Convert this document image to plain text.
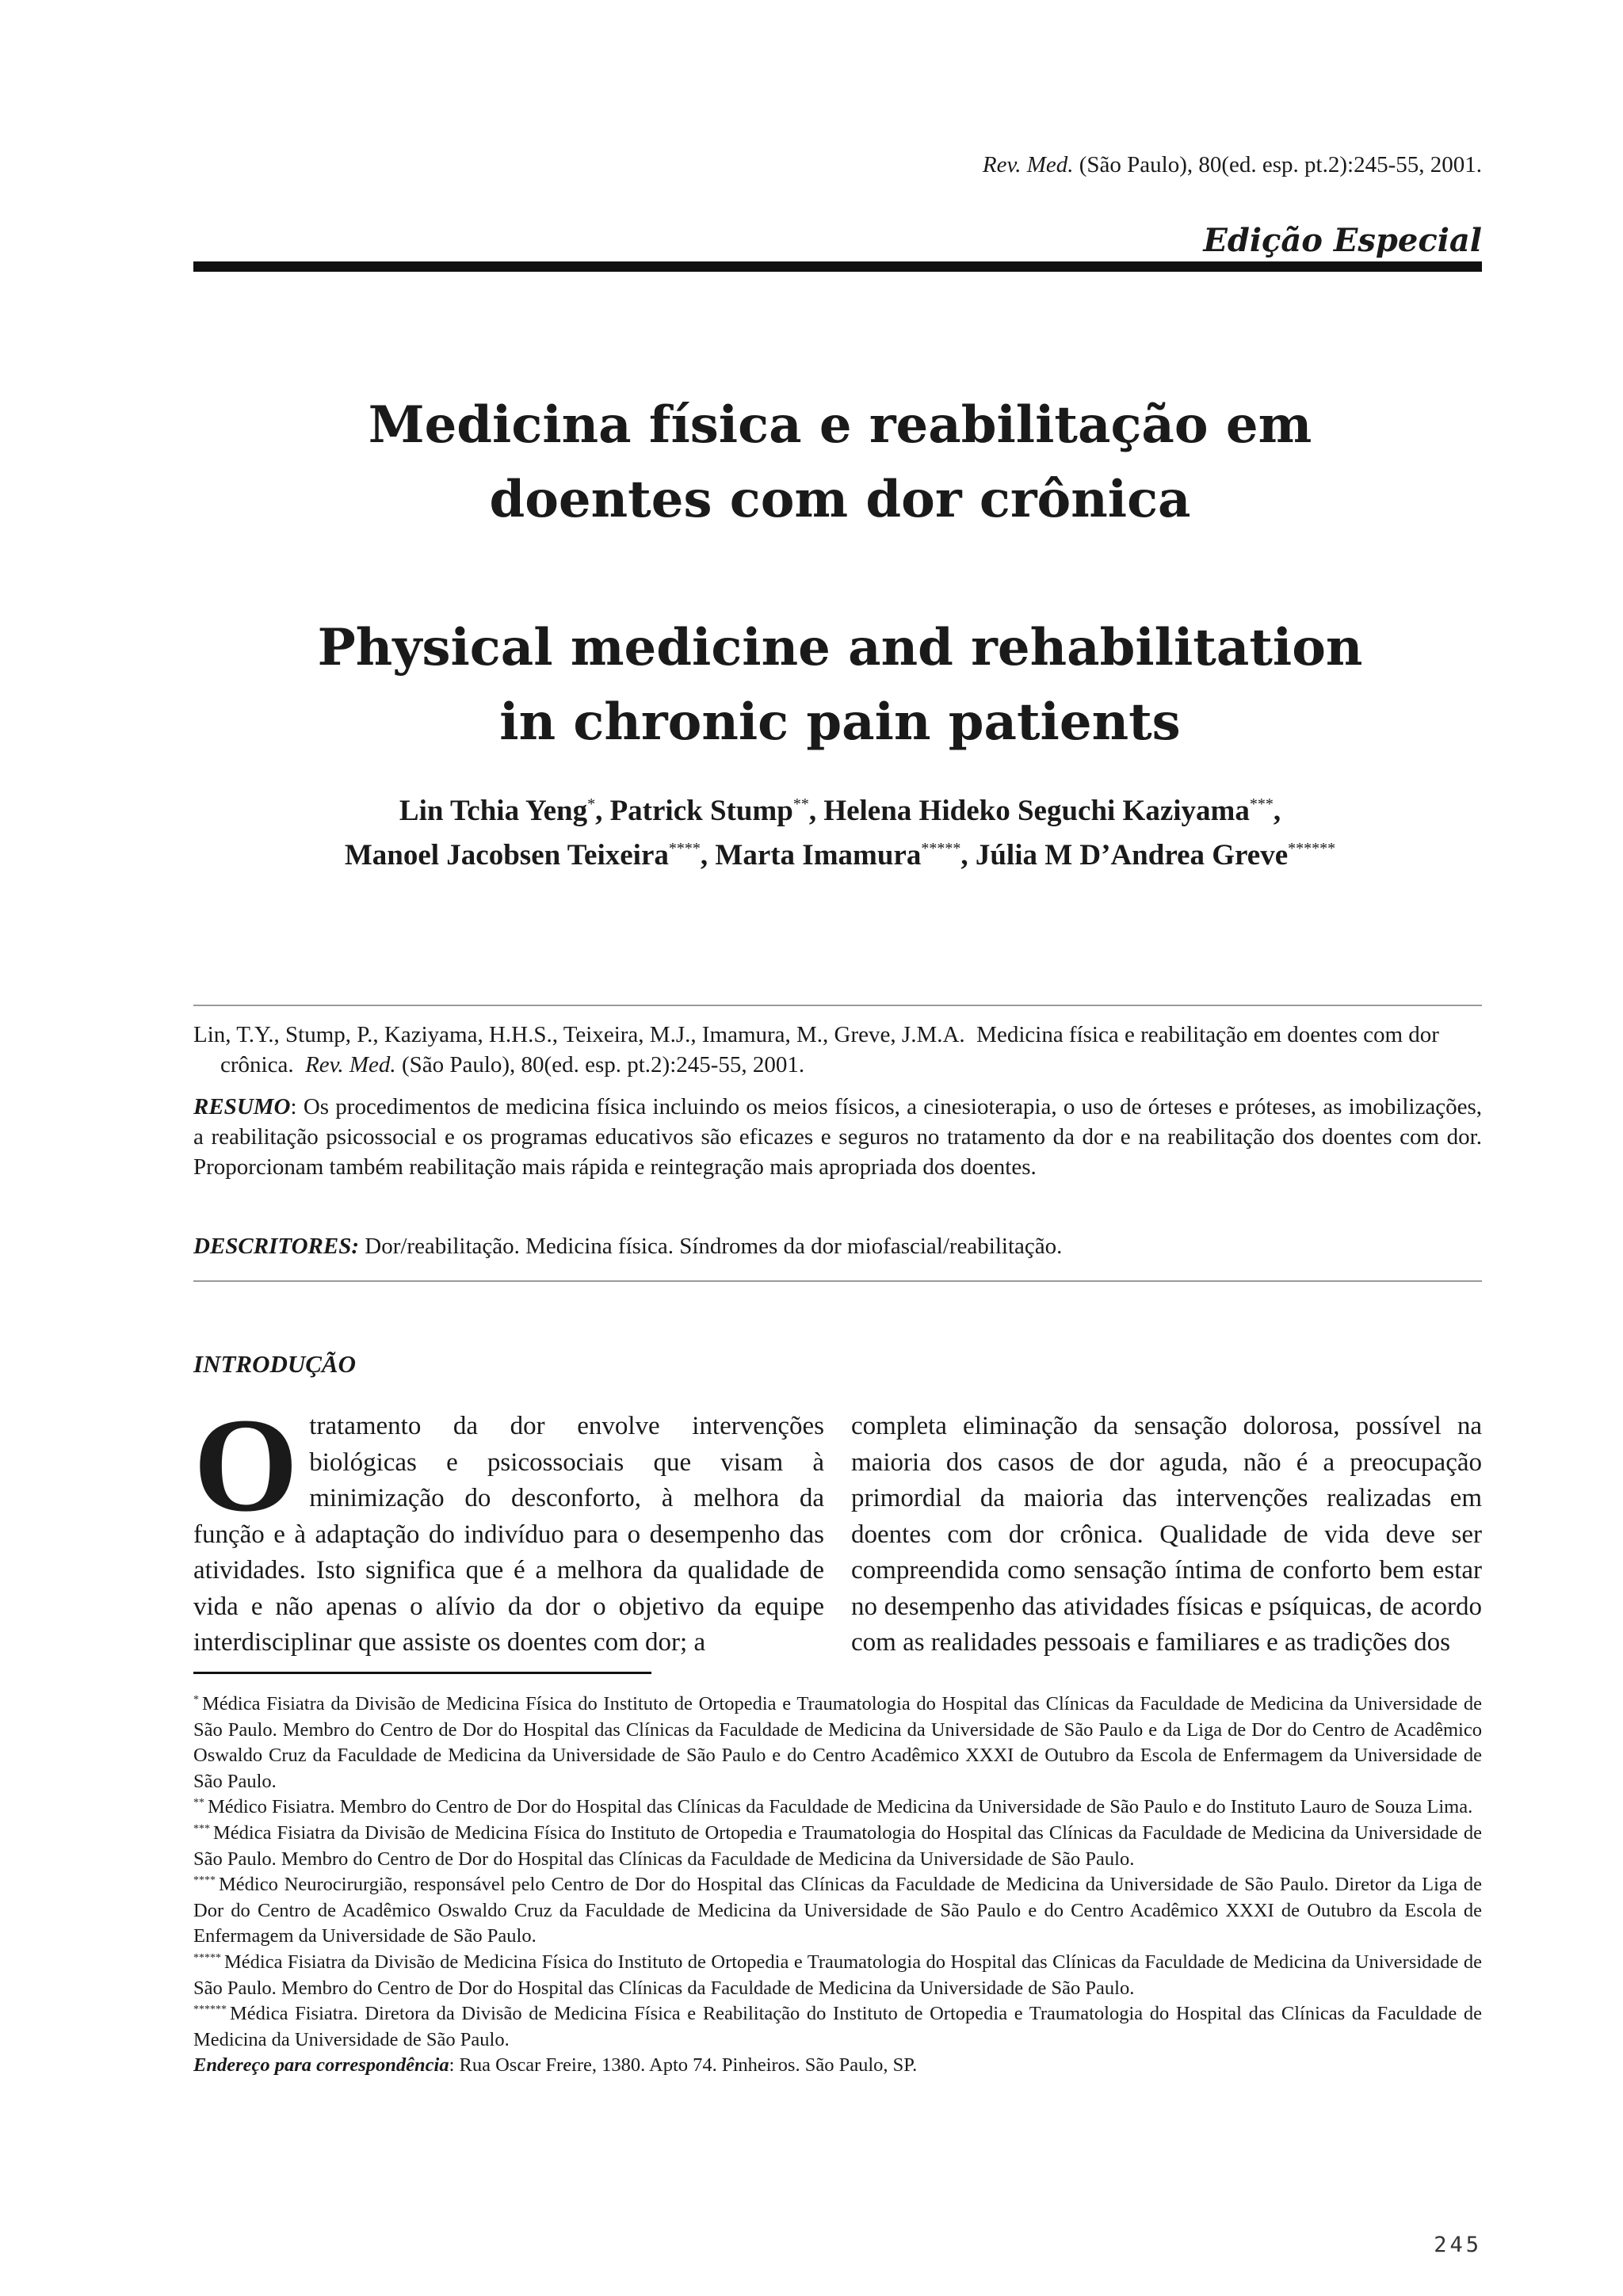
Rev. Med. (São Paulo), 80(ed. esp. pt.2):245-55, 2001.
Edição Especial
Medicina física e reabilitação em
doentes com dor crônica
Physical medicine and rehabilitation
in chronic pain patients
Lin Tchia Yeng*, Patrick Stump**, Helena Hideko Seguchi Kaziyama***,
Manoel Jacobsen Teixeira****, Marta Imamura*****, Júlia M D’Andrea Greve******
Lin, T.Y., Stump, P., Kaziyama, H.H.S., Teixeira, M.J., Imamura, M., Greve, J.M.A. Medicina física e reabilitação em doentes com dor crônica. Rev. Med. (São Paulo), 80(ed. esp. pt.2):245-55, 2001.
RESUMO: Os procedimentos de medicina física incluindo os meios físicos, a cinesioterapia, o uso de órteses e próteses, as imobilizações, a reabilitação psicossocial e os programas educativos são eficazes e seguros no tratamento da dor e na reabilitação dos doentes com dor. Proporcionam também reabilitação mais rápida e reintegração mais apropriada dos doentes.
DESCRITORES: Dor/reabilitação. Medicina física. Síndromes da dor miofascial/reabilitação.
INTRODUÇÃO
Otratamento da dor envolve intervenções biológicas e psicossociais que visam à minimização do desconforto, à melhora da função e à adaptação do indivíduo para o desempenho das atividades. Isto significa que é a melhora da qualidade de vida e não apenas o alívio da dor o objetivo da equipe interdisciplinar que assiste os doentes com dor; a
completa eliminação da sensação dolorosa, possível na maioria dos casos de dor aguda, não é a preocupação primordial da maioria das intervenções realizadas em doentes com dor crônica. Qualidade de vida deve ser compreendida como sensação íntima de conforto bem estar no desempenho das atividades físicas e psíquicas, de acordo com as realidades pessoais e familiares e as tradições dos

* Médica Fisiatra da Divisão de Medicina Física do Instituto de Ortopedia e Traumatologia do Hospital das Clínicas da Faculdade de Medicina da Universidade de São Paulo. Membro do Centro de Dor do Hospital das Clínicas da Faculdade de Medicina da Universidade de São Paulo e da Liga de Dor do Centro de Acadêmico Oswaldo Cruz da Faculdade de Medicina da Universidade de São Paulo e do Centro Acadêmico XXXI de Outubro da Escola de Enfermagem da Universidade de São Paulo.

** Médico Fisiatra. Membro do Centro de Dor do Hospital das Clínicas da Faculdade de Medicina da Universidade de São Paulo e do Instituto Lauro de Souza Lima.

*** Médica Fisiatra da Divisão de Medicina Física do Instituto de Ortopedia e Traumatologia do Hospital das Clínicas da Faculdade de Medicina da Universidade de São Paulo. Membro do Centro de Dor do Hospital das Clínicas da Faculdade de Medicina da Universidade de São Paulo.

**** Médico Neurocirurgião, responsável pelo Centro de Dor do Hospital das Clínicas da Faculdade de Medicina da Universidade de São Paulo. Diretor da Liga de Dor do Centro de Acadêmico Oswaldo Cruz da Faculdade de Medicina da Universidade de São Paulo e do Centro Acadêmico XXXI de Outubro da Escola de Enfermagem da Universidade de São Paulo.

***** Médica Fisiatra da Divisão de Medicina Física do Instituto de Ortopedia e Traumatologia do Hospital das Clínicas da Faculdade de Medicina da Universidade de São Paulo. Membro do Centro de Dor do Hospital das Clínicas da Faculdade de Medicina da Universidade de São Paulo.

****** Médica Fisiatra. Diretora da Divisão de Medicina Física e Reabilitação do Instituto de Ortopedia e Traumatologia do Hospital das Clínicas da Faculdade de Medicina da Universidade de São Paulo.

Endereço para correspondência: Rua Oscar Freire, 1380. Apto 74. Pinheiros. São Paulo, SP.

245
